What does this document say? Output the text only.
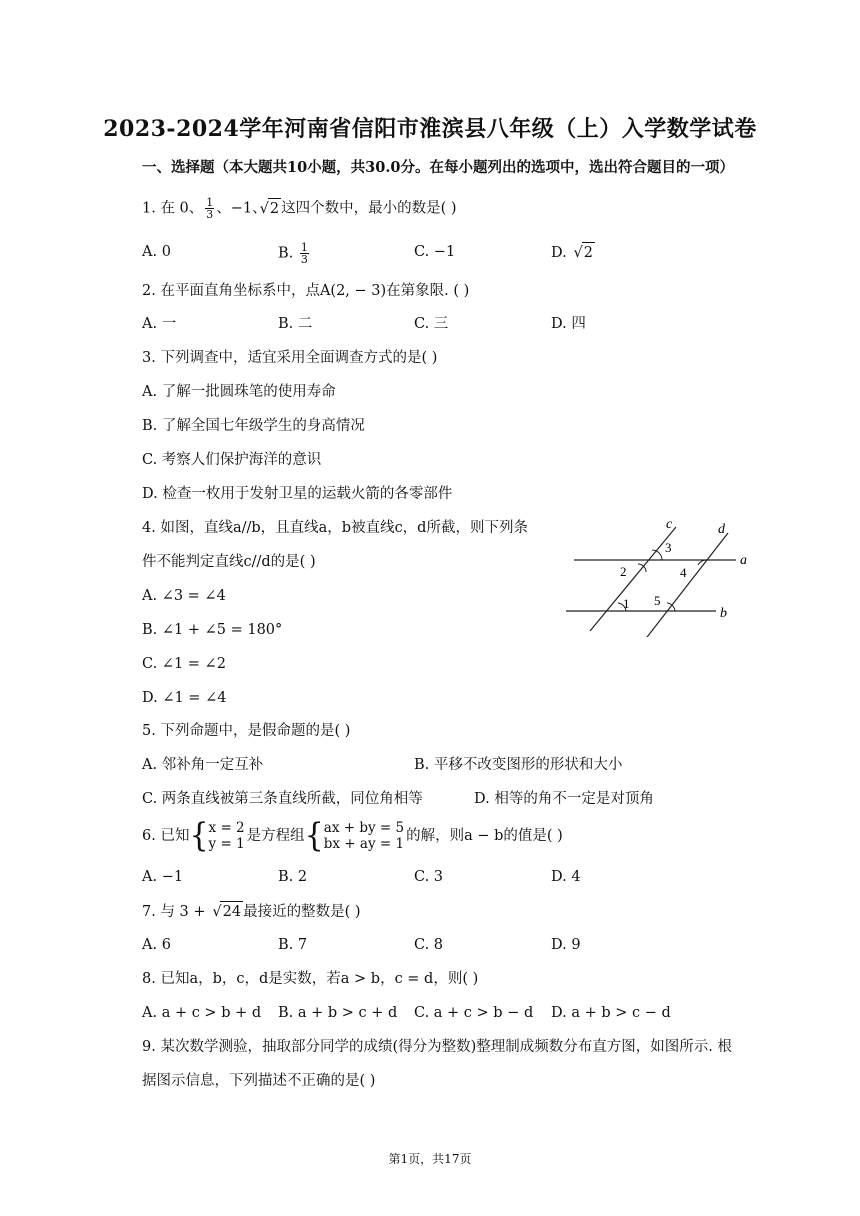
2023-2024学年河南省信阳市淮滨县八年级（上）入学数学试卷
一、选择题（本大题共10小题，共30.0分。在每小题列出的选项中，选出符合题目的一项）
1. 在 0、 $\frac{1}{3}$ 、−1、√ 2 这四个数中，最小的数是( )
A. 0	B. $\frac{1}{3}$	C. −1	D.   √ 2
2. 在平面直角坐标系中，点A(2, − 3)在第象限. ( )
A. 一	B. 二	C. 三	D. 四
3. 下列调查中，适宜采用全面调查方式的是( )
A. 了解一批圆珠笔的使用寿命
B. 了解全国七年级学生的身高情况
C. 考察人们保护海洋的意识
D. 检查一枚用于发射卫星的运载火箭的各零部件
4. 如图，直线a//b，且直线a，b被直线c，d所截，则下列条
件不能判定直线c//d的是( )
A. ∠3 = ∠4
B. ∠1 + ∠5 = 180°
C. ∠1 = ∠2
D. ∠1 = ∠4
c	d
a
b
3
2	4
1 5
5. 下列命题中，是假命题的是( )
A. 邻补角一定互补	B. 平移不改变图形的形状和大小
C. 两条直线被第三条直线所截，同位角相等	D. 相等的角不一定是对顶角
6. 已知{ x = 2
y = 1 是方程组{ ax + by = 5
bx + ay = 1 的解，则a − b的值是( )
A. −1	B. 2	C. 3	D. 4
7. 与 3 +   √ 24 最接近的整数是( )
A. 6	B. 7	C. 8	D. 9
8. 已知a，b，c，d是实数，若a > b，c = d，则( )
A. a + c > b + d B. a + b > c + d C. a + c > b − d D. a + b > c − d
9. 某次数学测验，抽取部分同学的成绩(得分为整数)整理制成频数分布直方图，如图所示. 根
据图示信息，下列描述不正确的是( )
第1页，共17页
